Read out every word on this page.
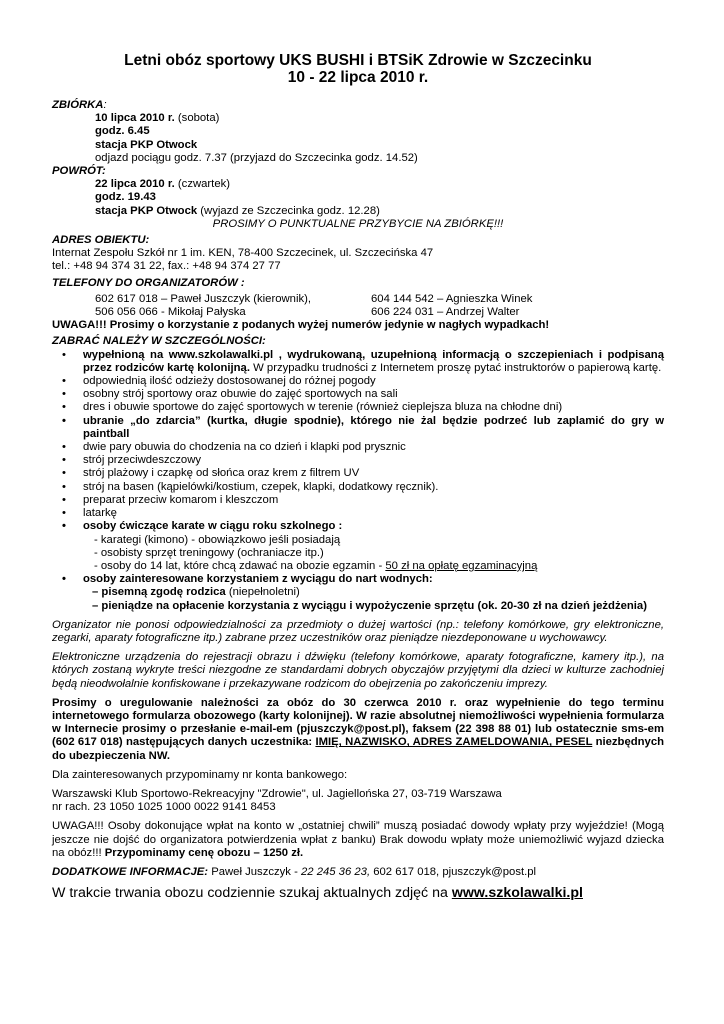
Letni obóz sportowy UKS BUSHI i BTSiK Zdrowie w Szczecinku
10 - 22 lipca 2010 r.
ZBIÓRKA:
10 lipca 2010 r. (sobota)
godz. 6.45
stacja PKP Otwock
odjazd pociągu godz. 7.37 (przyjazd do Szczecinka godz. 14.52)
POWRÓT:
22 lipca 2010 r. (czwartek)
godz. 19.43
stacja PKP Otwock (wyjazd ze Szczecinka godz. 12.28)
PROSIMY O PUNKTUALNE PRZYBYCIE NA ZBIÓRKĘ!!!
ADRES OBIEKTU:
Internat Zespołu Szkół nr 1 im. KEN, 78-400 Szczecinek, ul. Szczecińska 47
tel.: +48 94 374 31 22, fax.: +48 94 374 27 77
TELEFONY DO ORGANIZATORÓW :
602 617 018 – Paweł Juszczyk (kierownik),	604 144 542 – Agnieszka Winek
506 056 066 - Mikołaj Pałyska	606 224 031 – Andrzej Walter
UWAGA!!! Prosimy o korzystanie z podanych wyżej numerów jedynie w nagłych wypadkach!
ZABRAĆ NALEŻY W SZCZEGÓLNOŚCI:
• wypełnioną na www.szkolawalki.pl , wydrukowaną, uzupełnioną informacją o szczepieniach i podpisaną przez rodziców kartę kolonijną. W przypadku trudności z Internetem proszę pytać instruktorów o papierową kartę.
• odpowiednią ilość odzieży dostosowanej do różnej pogody
• osobny strój sportowy oraz obuwie do zajęć sportowych na sali
• dres i obuwie sportowe do zajęć sportowych w terenie (również cieplejsza bluza na chłodne dni)
• ubranie „do zdarcia” (kurtka, długie spodnie), którego nie żal będzie podrzeć lub zaplamić do gry w paintball
• dwie pary obuwia do chodzenia na co dzień i klapki pod prysznic
• strój przeciwdeszczowy
• strój plażowy i czapkę od słońca oraz krem z filtrem UV
• strój na basen (kąpielówki/kostium, czepek, klapki, dodatkowy ręcznik).
• preparat przeciw komarom i kleszczom
• latarkę
• osoby ćwiczące karate w ciągu roku szkolnego :
- karategi (kimono) - obowiązkowo jeśli posiadają
- osobisty sprzęt treningowy (ochraniacze itp.)
- osoby do 14 lat, które chcą zdawać na obozie egzamin - 50 zł na opłatę egzaminacyjną
• osoby zainteresowane korzystaniem z wyciągu do nart wodnych:
– pisemną zgodę rodzica (niepełnoletni)
– pieniądze na opłacenie korzystania z wyciągu i wypożyczenie sprzętu (ok. 20-30 zł na dzień jeżdżenia)
Organizator nie ponosi odpowiedzialności za przedmioty o dużej wartości (np.: telefony komórkowe, gry elektroniczne, zegarki, aparaty fotograficzne itp.) zabrane przez uczestników oraz pieniądze niezdeponowane u wychowawcy.
Elektroniczne urządzenia do rejestracji obrazu i dźwięku (telefony komórkowe, aparaty fotograficzne, kamery itp.), na których zostaną wykryte treści niezgodne ze standardami dobrych obyczajów przyjętymi dla dzieci w kulturze zachodniej będą nieodwołalnie konfiskowane i przekazywane rodzicom do obejrzenia po zakończeniu imprezy.
Prosimy o uregulowanie należności za obóz do 30 czerwca 2010 r. oraz wypełnienie do tego terminu internetowego formularza obozowego (karty kolonijnej). W razie absolutnej niemożliwości wypełnienia formularza w Internecie prosimy o przesłanie e-mail-em (pjuszczyk@post.pl), faksem (22 398 88 01) lub ostatecznie sms-em (602 617 018) następujących danych uczestnika: IMIĘ, NAZWISKO, ADRES ZAMELDOWANIA, PESEL niezbędnych do ubezpieczenia NW.
Dla zainteresowanych przypominamy nr konta bankowego:
Warszawski Klub Sportowo-Rekreacyjny "Zdrowie", ul. Jagiellońska 27, 03-719 Warszawa
nr rach. 23 1050 1025 1000 0022 9141 8453
UWAGA!!! Osoby dokonujące wpłat na konto w „ostatniej chwili” muszą posiadać dowody wpłaty przy wyjeździe! (Mogą jeszcze nie dojść do organizatora potwierdzenia wpłat z banku) Brak dowodu wpłaty może uniemożliwić wyjazd dziecka na obóz!!! Przypominamy cenę obozu – 1250 zł.
DODATKOWE INFORMACJE: Paweł Juszczyk - 22 245 36 23, 602 617 018, pjuszczyk@post.pl
W trakcie trwania obozu codziennie szukaj aktualnych zdjęć na www.szkolawalki.pl
